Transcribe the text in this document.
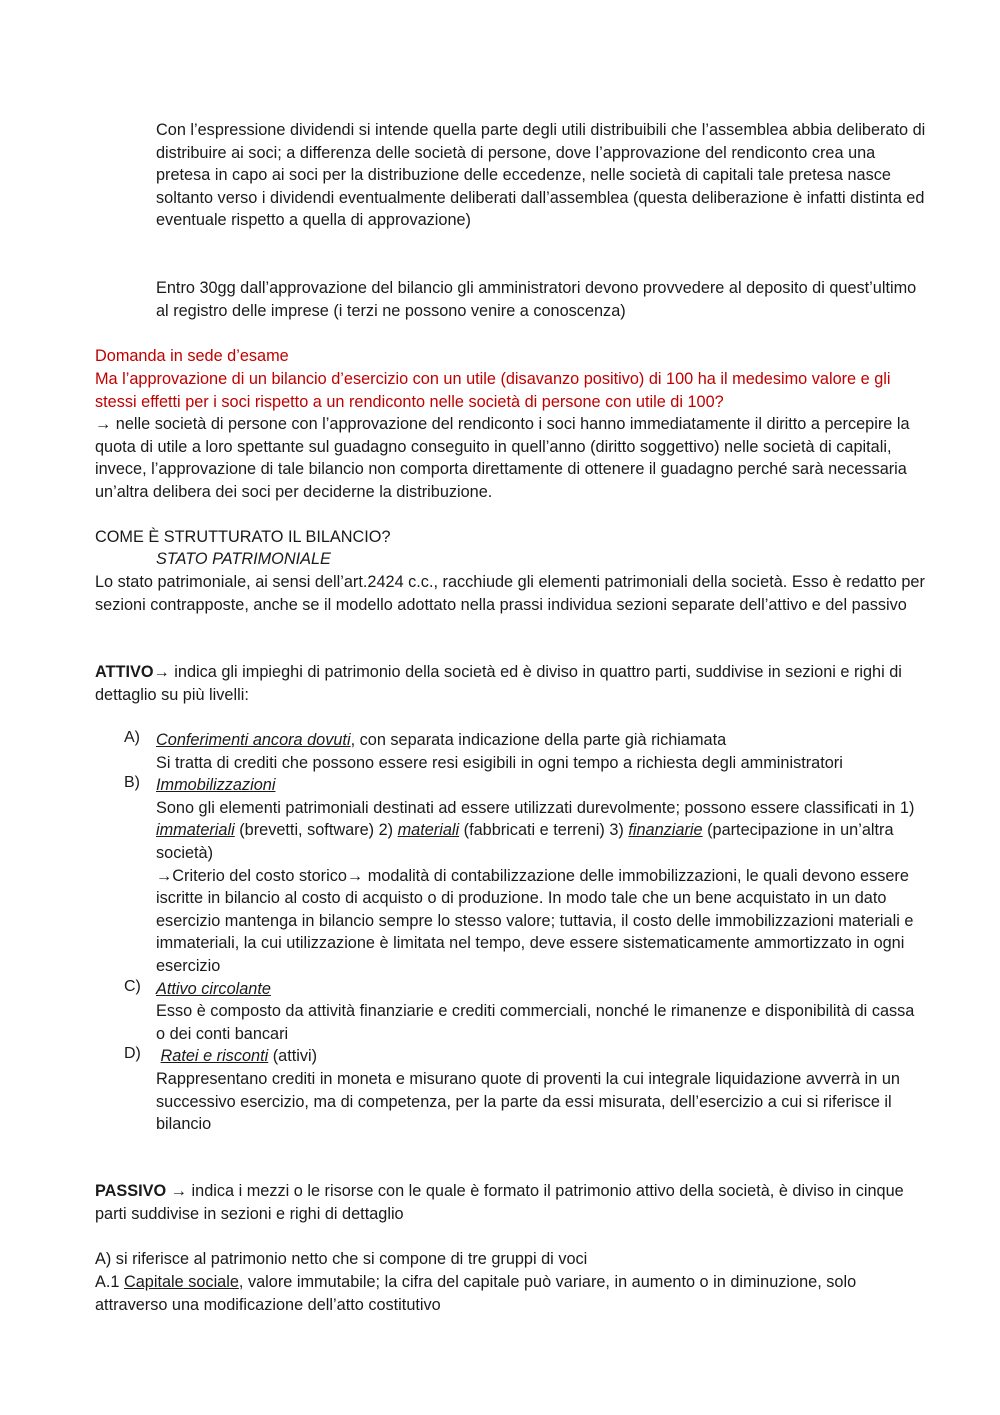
Con l’espressione dividendi si intende quella parte degli utili distribuibili che l’assemblea abbia deliberato di distribuire ai soci; a differenza delle società di persone, dove l’approvazione del rendiconto crea una pretesa in capo ai soci per la distribuzione delle eccedenze, nelle società di capitali tale pretesa nasce soltanto verso i dividendi eventualmente deliberati dall’assemblea (questa deliberazione è infatti distinta ed eventuale rispetto a quella di approvazione)

Entro 30gg dall’approvazione del bilancio gli amministratori devono provvedere al deposito di quest’ultimo al registro delle imprese (i terzi ne possono venire a conoscenza)

Domanda in sede d’esame

Ma l’approvazione di un bilancio d’esercizio con un utile (disavanzo positivo) di 100 ha il medesimo valore e gli stessi effetti per i soci rispetto a un rendiconto nelle società di persone con utile di 100?

→ nelle società di persone con l’approvazione del rendiconto i soci hanno immediatamente il diritto a percepire la quota di utile a loro spettante sul guadagno conseguito in quell’anno (diritto soggettivo) nelle società di capitali, invece, l’approvazione di tale bilancio non comporta direttamente di ottenere il guadagno perché sarà necessaria un’altra delibera dei soci per deciderne la distribuzione.

COME È STRUTTURATO IL BILANCIO?

STATO PATRIMONIALE

Lo stato patrimoniale, ai sensi dell’art.2424 c.c., racchiude gli elementi patrimoniali della società. Esso è redatto per sezioni contrapposte, anche se il modello adottato nella prassi individua sezioni separate dell’attivo e del passivo

ATTIVO→ indica gli impieghi di patrimonio della società ed è diviso in quattro parti, suddivise in sezioni e righi di dettaglio su più livelli:

A) Conferimenti ancora dovuti, con separata indicazione della parte già richiamata

Si tratta di crediti che possono essere resi esigibili in ogni tempo a richiesta degli amministratori

B) Immobilizzazioni

Sono gli elementi patrimoniali destinati ad essere utilizzati durevolmente; possono essere classificati in 1) immateriali (brevetti, software) 2) materiali (fabbricati e terreni) 3) finanziarie (partecipazione in un’altra società)

→Criterio del costo storico→ modalità di contabilizzazione delle immobilizzazioni, le quali devono essere iscritte in bilancio al costo di acquisto o di produzione. In modo tale che un bene acquistato in un dato esercizio mantenga in bilancio sempre lo stesso valore; tuttavia, il costo delle immobilizzazioni materiali e immateriali, la cui utilizzazione è limitata nel tempo, deve essere sistematicamente ammortizzato in ogni esercizio

C) Attivo circolante

Esso è composto da attività finanziarie e crediti commerciali, nonché le rimanenze e disponibilità di cassa o dei conti bancari

D) Ratei e risconti (attivi)

Rappresentano crediti in moneta e misurano quote di proventi la cui integrale liquidazione avverrà in un successivo esercizio, ma di competenza, per la parte da essi misurata, dell’esercizio a cui si riferisce il bilancio

PASSIVO → indica i mezzi o le risorse con le quale è formato il patrimonio attivo della società, è diviso in cinque parti suddivise in sezioni e righi di dettaglio

A) si riferisce al patrimonio netto che si compone di tre gruppi di voci

A.1 Capitale sociale, valore immutabile; la cifra del capitale può variare, in aumento o in diminuzione, solo attraverso una modificazione dell’atto costitutivo
